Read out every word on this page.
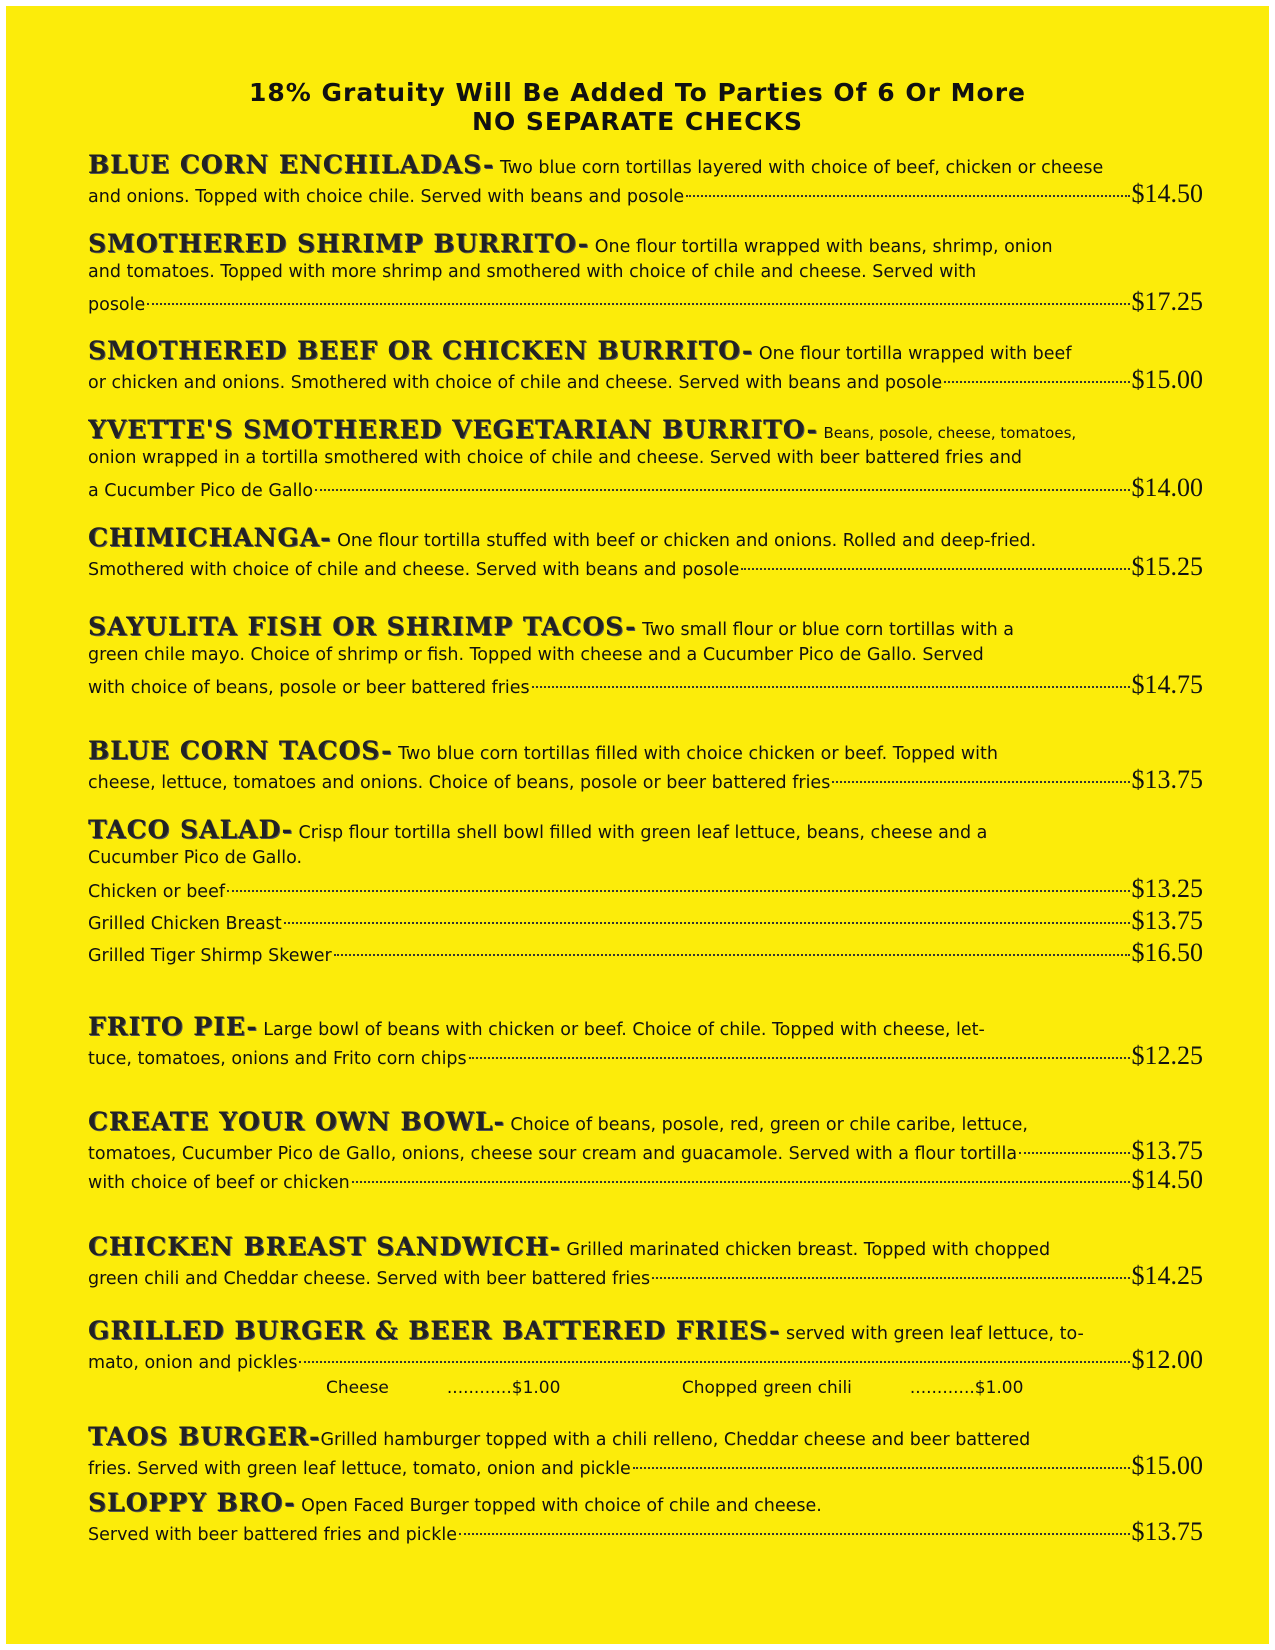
18% Gratuity Will Be Added To Parties Of 6 Or More
NO SEPARATE CHECKS
BLUE CORN ENCHILADAS- Two blue corn tortillas layered with choice of beef, chicken or cheese
and onions. Topped with choice chile. Served with beans and posole	$14.50
SMOTHERED SHRIMP BURRITO- One flour tortilla wrapped with beans, shrimp, onion
and tomatoes. Topped with more shrimp and smothered with choice of chile and cheese. Served with
posole	$17.25
SMOTHERED BEEF OR CHICKEN BURRITO- One flour tortilla wrapped with beef
or chicken and onions. Smothered with choice of chile and cheese. Served with beans and posole	$15.00
YVETTE'S SMOTHERED VEGETARIAN BURRITO- Beans, posole, cheese, tomatoes,
onion wrapped in a tortilla smothered with choice of chile and cheese. Served with beer battered fries and
a Cucumber Pico de Gallo	$14.00
CHIMICHANGA- One flour tortilla stuffed with beef or chicken and onions. Rolled and deep-fried.
Smothered with choice of chile and cheese. Served with beans and posole	$15.25
SAYULITA FISH OR SHRIMP TACOS- Two small flour or blue corn tortillas with a
green chile mayo. Choice of shrimp or fish. Topped with cheese and a Cucumber Pico de Gallo. Served
with choice of beans, posole or beer battered fries	$14.75
BLUE CORN TACOS- Two blue corn tortillas filled with choice chicken or beef. Topped with
cheese, lettuce, tomatoes and onions. Choice of beans, posole or beer battered fries	$13.75
TACO SALAD- Crisp flour tortilla shell bowl filled with green leaf lettuce, beans, cheese and a
Cucumber Pico de Gallo.
Chicken or beef	$13.25
Grilled Chicken Breast	$13.75
Grilled Tiger Shirmp Skewer	$16.50
FRITO PIE- Large bowl of beans with chicken or beef. Choice of chile. Topped with cheese, let-
tuce, tomatoes, onions and Frito corn chips	$12.25
CREATE YOUR OWN BOWL- Choice of beans, posole, red, green or chile caribe, lettuce,
tomatoes, Cucumber Pico de Gallo, onions, cheese sour cream and guacamole. Served with a flour tortilla	$13.75
with choice of beef or chicken	$14.50
CHICKEN BREAST SANDWICH- Grilled marinated chicken breast. Topped with chopped
green chili and Cheddar cheese. Served with beer battered fries	$14.25
GRILLED BURGER & BEER BATTERED FRIES- served with green leaf lettuce, to-
mato, onion and pickles	$12.00
Cheese	............$1.00	Chopped green chili	............$1.00
TAOS BURGER-Grilled hamburger topped with a chili relleno, Cheddar cheese and beer battered
fries. Served with green leaf lettuce, tomato, onion and pickle	$15.00
SLOPPY BRO- Open Faced Burger topped with choice of chile and cheese.
Served with beer battered fries and pickle	$13.75
